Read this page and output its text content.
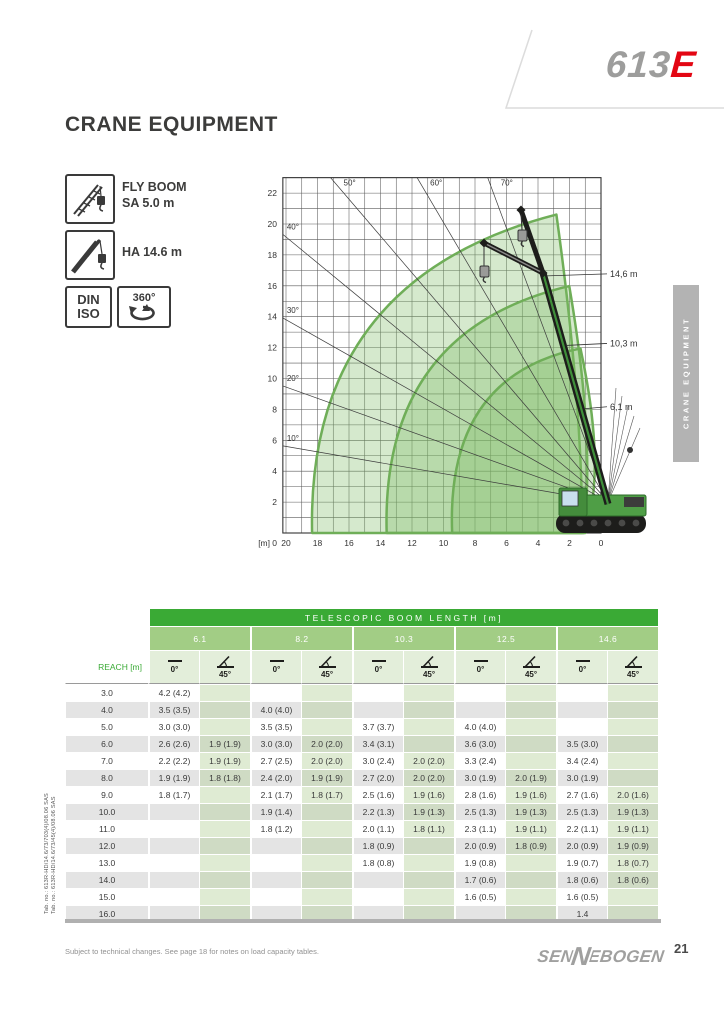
613E
CRANE EQUIPMENT
FLY BOOM
SA 5.0 m
HA 14.6 m
DIN
ISO
360°
CRANE EQUIPMENT
10°
20°
30°
40°
50°	60°	70°
20	18	16	14	12	10	8	6	4	2	0
2
4
6
8
10
12
14
16
18
20
22
[m] 0
14,6 m
10,3 m
6,1 m
	TELESCOPIC BOOM LENGTH [m]									
	6.1		8.2		10.3		12.5		14.6	
REACH [m]	0°	45°	0°	45°	0°	45°	0°	45°	0°	45°

3.0	4.2 (4.2)									
4.0	3.5 (3.5)		4.0 (4.0)							
5.0	3.0 (3.0)		3.5 (3.5)		3.7 (3.7)		4.0 (4.0)			
6.0	2.6 (2.6)	1.9 (1.9)	3.0 (3.0)	2.0 (2.0)	3.4 (3.1)		3.6 (3.0)		3.5 (3.0)	
7.0	2.2 (2.2)	1.9 (1.9)	2.7 (2.5)	2.0 (2.0)	3.0 (2.4)	2.0 (2.0)	3.3 (2.4)		3.4 (2.4)	
8.0	1.9 (1.9)	1.8 (1.8)	2.4 (2.0)	1.9 (1.9)	2.7 (2.0)	2.0 (2.0)	3.0 (1.9)	2.0 (1.9)	3.0 (1.9)	
9.0	1.8 (1.7)		2.1 (1.7)	1.8 (1.7)	2.5 (1.6)	1.9 (1.6)	2.8 (1.6)	1.9 (1.6)	2.7 (1.6)	2.0 (1.6)
10.0			1.9 (1.4)		2.2 (1.3)	1.9 (1.3)	2.5 (1.3)	1.9 (1.3)	2.5 (1.3)	1.9 (1.3)
11.0			1.8 (1.2)		2.0 (1.1)	1.8 (1.1)	2.3 (1.1)	1.9 (1.1)	2.2 (1.1)	1.9 (1.1)
12.0					1.8 (0.9)		2.0 (0.9)	1.8 (0.9)	2.0 (0.9)	1.9 (0.9)
13.0					1.8 (0.8)		1.9 (0.8)		1.9 (0.7)	1.8 (0.7)
14.0							1.7 (0.6)		1.8 (0.6)	1.8 (0.6)
15.0							1.6 (0.5)		1.6 (0.5)	
16.0									1.4	
Tab. no.: 613R-HD/14.6/73/703(4)/08.06 SAS Tab. no.: 613R-HD/14.6/73/45(4)/08.06 SAS
Subject to technical changes. See page 18 for notes on load capacity tables.	SENNEBOGEN 21
